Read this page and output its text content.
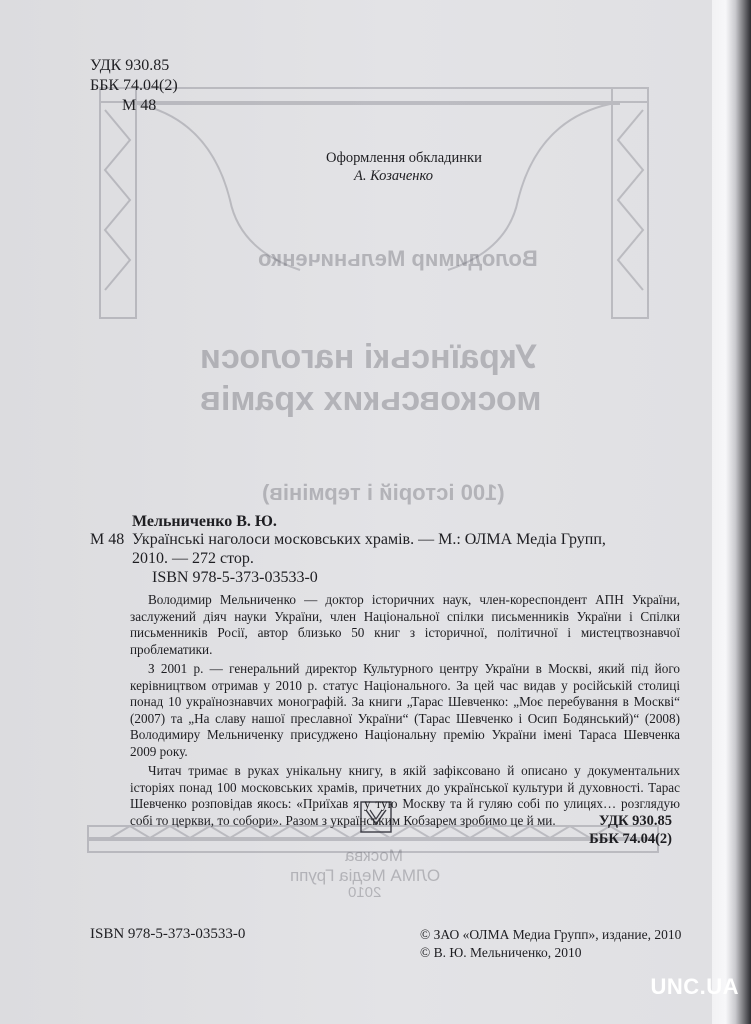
Володимир Мельниченко
Українські наголоси
московських храмів
(100 історій і термінів)
Москва
ОЛМА Медіа Групп
2010
УДК 930.85
ББК 74.04(2)
М 48
Оформлення обкладинки
А. Козаченко
Мельниченко В. Ю.
М 48 Українські наголоси московських храмів. — М.: ОЛМА Медіа Групп,
2010. — 272 стор.
ISBN 978-5-373-03533-0

Володимир Мельниченко — доктор історичних наук, член-кореспондент АПН України, заслужений діяч науки України, член Національної спілки письменників України і Спілки письменників Росії, автор близько 50 книг з історичної, політичної і мистецтвознавчої проблематики.

З 2001 р. — генеральний директор Культурного центру України в Москві, який під його керівництвом отримав у 2010 р. статус Національного. За цей час видав у російській столиці понад 10 українознавчих монографій. За книги „Тарас Шевченко: „Моє перебування в Москві“ (2007) та „На славу нашої преславної України“ (Тарас Шевченко і Осип Бодянський)“ (2008) Володимиру Мельниченку присуджено Національну премію України імені Тараса Шевченка 2009 року.

Читач тримає в руках унікальну книгу, в якій зафіксовано й описано у документальних історіях понад 100 московських храмів, причетних до української культури й духовності. Тарас Шевченко розповідав якось: «Приїхав я у тую Москву та й гуляю собі по улицях… розглядую собі то церкви, то собори». Разом з українським Кобзарем зробимо це й ми.	УДК 930.85
ББК 74.04(2)
ISBN 978-5-373-03533-0	© ЗАО «ОЛМА Медиа Групп», издание, 2010
© В. Ю. Мельниченко, 2010
UNC.UA
